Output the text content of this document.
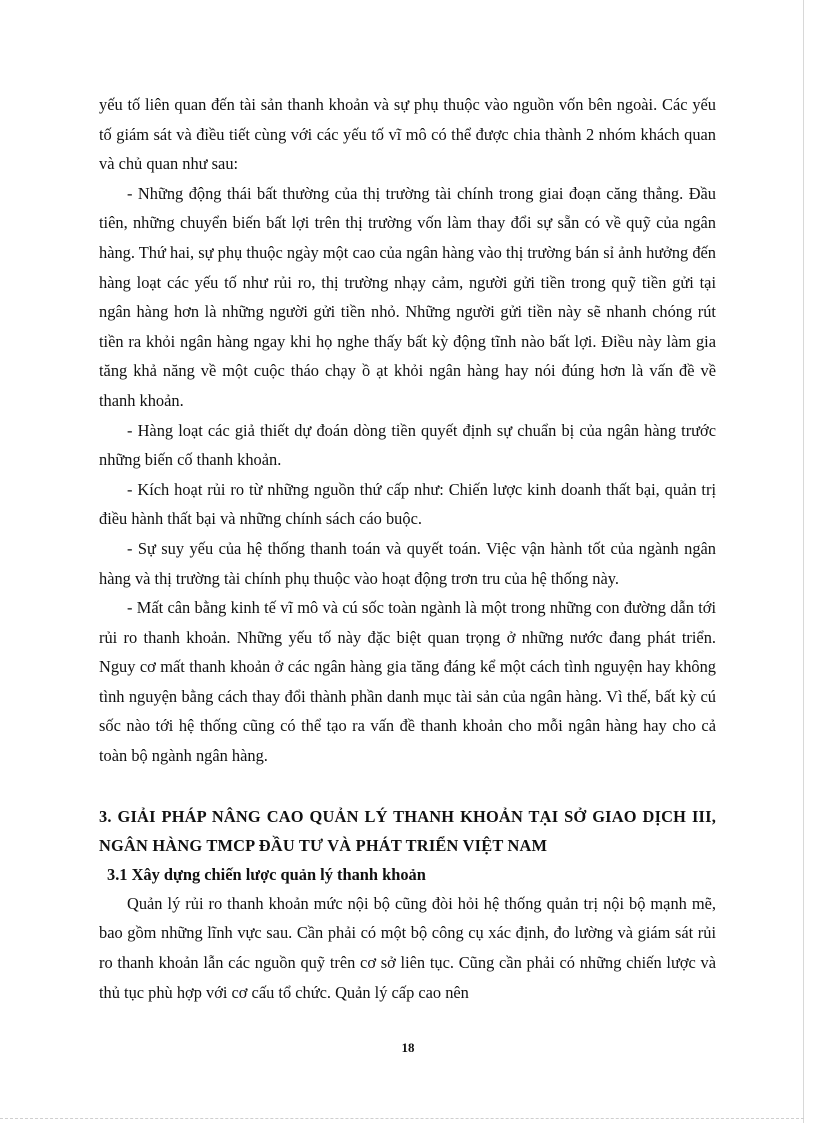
yếu tố liên quan đến tài sản thanh khoản và sự phụ thuộc vào nguồn vốn bên ngoài. Các yếu tố giám sát và điều tiết cùng với các yếu tố vĩ mô có thể được chia thành 2 nhóm khách quan và chủ quan như sau:

- Những động thái bất thường của thị trường tài chính trong giai đoạn căng thẳng. Đầu tiên, những chuyển biến bất lợi trên thị trường vốn làm thay đổi sự sẵn có về quỹ của ngân hàng. Thứ hai, sự phụ thuộc ngày một cao của ngân hàng vào thị trường bán sỉ ảnh hưởng đến hàng loạt các yếu tố như rủi ro, thị trường nhạy cảm, người gửi tiền trong quỹ tiền gửi tại ngân hàng hơn là những người gửi tiền nhỏ. Những người gửi tiền này sẽ nhanh chóng rút tiền ra khỏi ngân hàng ngay khi họ nghe thấy bất kỳ động tĩnh nào bất lợi. Điều này làm gia tăng khả năng về một cuộc tháo chạy ồ ạt khỏi ngân hàng hay nói đúng hơn là vấn đề về thanh khoản.

- Hàng loạt các giả thiết dự đoán dòng tiền quyết định sự chuẩn bị của ngân hàng trước những biến cố thanh khoản.

- Kích hoạt rủi ro từ những nguồn thứ cấp như: Chiến lược kinh doanh thất bại, quản trị điều hành thất bại và những chính sách cáo buộc.

- Sự suy yếu của hệ thống thanh toán và quyết toán. Việc vận hành tốt của ngành ngân hàng và thị trường tài chính phụ thuộc vào hoạt động trơn tru của hệ thống này.

- Mất cân bằng kinh tế vĩ mô và cú sốc toàn ngành là một trong những con đường dẫn tới rủi ro thanh khoản. Những yếu tố này đặc biệt quan trọng ở những nước đang phát triển. Nguy cơ mất thanh khoản ở các ngân hàng gia tăng đáng kể một cách tình nguyện hay không tình nguyện bằng cách thay đổi thành phần danh mục tài sản của ngân hàng. Vì thế, bất kỳ cú sốc nào tới hệ thống cũng có thể tạo ra vấn đề thanh khoản cho mỗi ngân hàng hay cho cả toàn bộ ngành ngân hàng.

3. GIẢI PHÁP NÂNG CAO QUẢN LÝ THANH KHOẢN TẠI SỞ GIAO DỊCH III, NGÂN HÀNG TMCP ĐẦU TƯ VÀ PHÁT TRIỂN VIỆT NAM
3.1 Xây dựng chiến lược quản lý thanh khoản

Quản lý rủi ro thanh khoản mức nội bộ cũng đòi hỏi hệ thống quản trị nội bộ mạnh mẽ, bao gồm những lĩnh vực sau. Cần phải có một bộ công cụ xác định, đo lường và giám sát rủi ro thanh khoản lẫn các nguồn quỹ trên cơ sở liên tục. Cũng cần phải có những chiến lược và thủ tục phù hợp với cơ cấu tổ chức. Quản lý cấp cao nên

18
